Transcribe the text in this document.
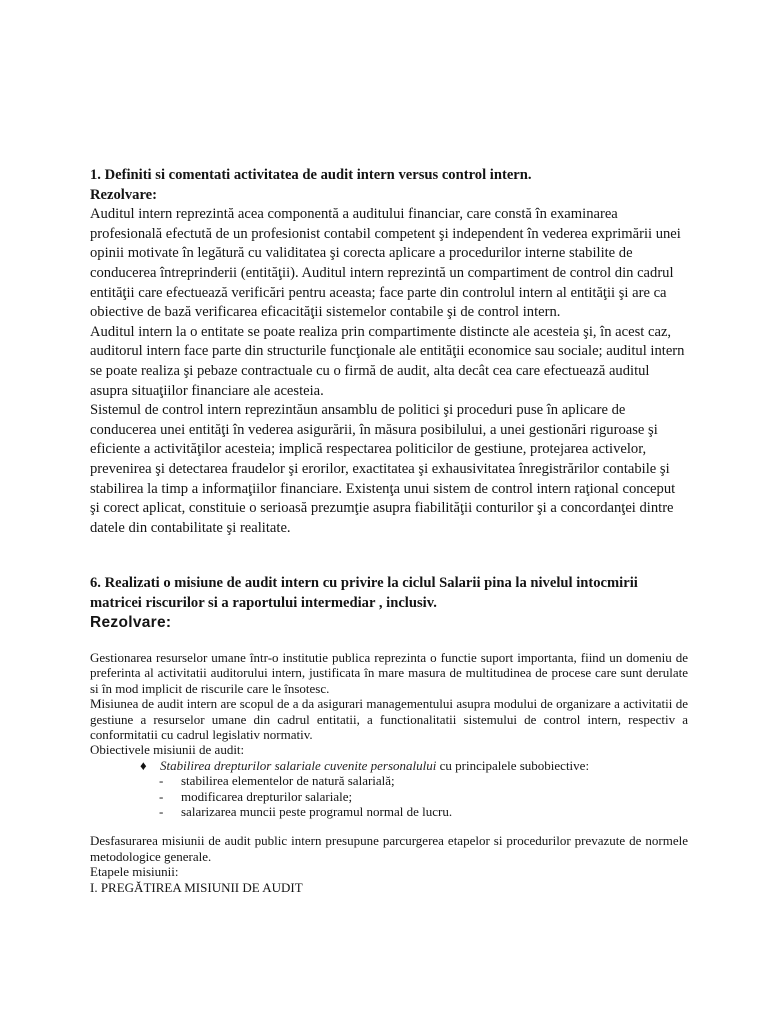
1. Definiti si comentati activitatea de audit intern versus control intern.
Rezolvare:

Auditul intern reprezintă acea componentă a auditului financiar, care constă în examinarea profesională efectută de un profesionist contabil competent şi independent în vederea exprimării unei opinii motivate în legătură cu validitatea şi corecta aplicare a procedurilor interne stabilite de conducerea întreprinderii (entităţii). Auditul intern reprezintă un compartiment de control din cadrul entităţii care efectuează verificări pentru aceasta; face parte din controlul intern al entităţii şi are ca obiective de bază verificarea eficacităţii sistemelor contabile şi de control intern.

Auditul intern la o entitate se poate realiza prin compartimente distincte ale acesteia şi, în acest caz, auditorul intern face parte din structurile funcţionale ale entităţii economice sau sociale; auditul intern se poate realiza şi pebaze contractuale cu o firmă de audit, alta decât cea care efectuează auditul asupra situaţiilor financiare ale acesteia.

Sistemul de control intern reprezintăun ansamblu de politici şi proceduri puse în aplicare de conducerea unei entităţi în vederea asigurării, în măsura posibilului, a unei gestionări riguroase şi eficiente a activităţilor acesteia; implică respectarea politicilor de gestiune, protejarea activelor, prevenirea şi detectarea fraudelor şi erorilor, exactitatea şi exhausivitatea înregistrărilor contabile şi stabilirea la timp a informaţiilor financiare. Existenţa unui sistem de control intern raţional conceput şi corect aplicat, constituie o serioasă prezumţie asupra fiabilităţii conturilor şi a concordanţei dintre datele din contabilitate şi realitate.

6. Realizati o misiune de audit intern cu privire la ciclul Salarii pina la nivelul intocmirii matricei riscurilor si a raportului intermediar , inclusiv.
Rezolvare:

Gestionarea resurselor umane într-o institutie publica reprezinta o functie suport importanta, fiind un domeniu de preferinta al activitatii auditorului intern, justificata în mare masura de multitudinea de procese care sunt derulate si în mod implicit de riscurile care le însotesc.

Misiunea de audit intern are scopul de a da asigurari managementului asupra modului de organizare a activitatii de gestiune a resurselor umane din cadrul entitatii, a functionalitatii sistemului de control intern, respectiv a conformitatii cu cadrul legislativ normativ.

Obiectivele misiunii de audit:

♦	Stabilirea drepturilor salariale cuvenite personalului cu principalele subobiective:
-	stabilirea elementelor de natură salarială;
-	modificarea drepturilor salariale;
-	salarizarea muncii peste programul normal de lucru.

Desfasurarea misiunii de audit public intern presupune parcurgerea etapelor si procedurilor prevazute de normele metodologice generale.

Etapele misiunii:

I. PREGĂTIREA MISIUNII DE AUDIT
